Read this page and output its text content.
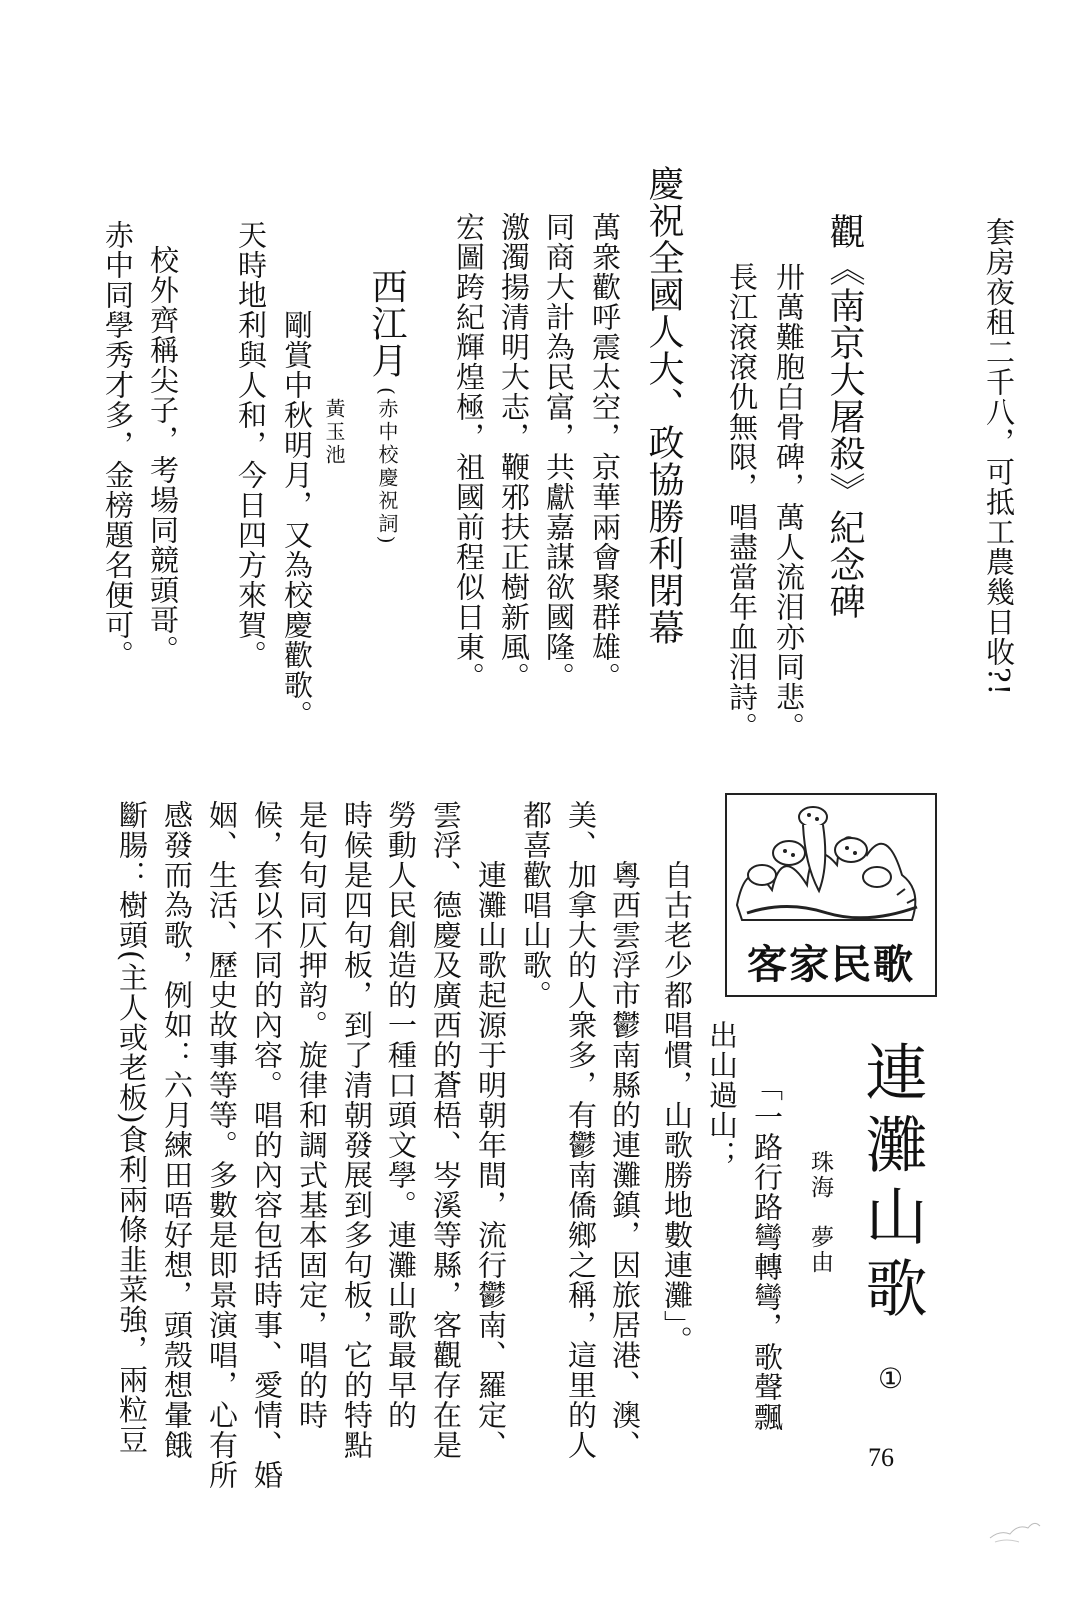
套房夜租二千八，可抵工農幾日收?!
觀《南京大屠殺》紀念碑
卅萬難胞白骨碑，萬人流泪亦同悲。
長江滾滾仇無限，唱盡當年血泪詩。
慶祝全國人大、政協勝利閉幕
萬衆歡呼震太空，京華兩會聚群雄。
同商大計為民富，共獻嘉謀欲國隆。
激濁揚清明大志，鞭邪扶正樹新風。
宏圖跨紀輝煌極，祖國前程似日東。
西江月
(赤中校慶祝詞)
黃玉池
剛賞中秋明月，又為校慶歡歌。
天時地利與人和，今日四方來賀。
校外齊稱尖子，考場同競頭哥。
赤中同學秀才多，金榜題名便可。
連灘山歌
①
珠海　夢由
客家民歌
「一路行路彎轉彎，歌聲飄
出山過山；
自古老少都唱慣，山歌勝地數連灘」。
粵西雲浮市鬱南縣的連灘鎮，因旅居港、澳、
美、加拿大的人衆多，有鬱南僑鄉之稱，這里的人
都喜歡唱山歌。
連灘山歌起源于明朝年間，流行鬱南、羅定、
雲浮、德慶及廣西的蒼梧、岑溪等縣，客觀存在是
勞動人民創造的一種口頭文學。連灘山歌最早的
時候是四句板，到了清朝發展到多句板，它的特點
是句句同仄押韵。旋律和調式基本固定，唱的時
候，套以不同的內容。唱的內容包括時事、愛情、婚
姻、生活、歷史故事等等。多數是即景演唱，心有所
感發而為歌，例如：六月練田唔好想，頭殼想暈餓
斷腸：樹頭(主人或老板)食利兩條韭菜強，兩粒豆
76
